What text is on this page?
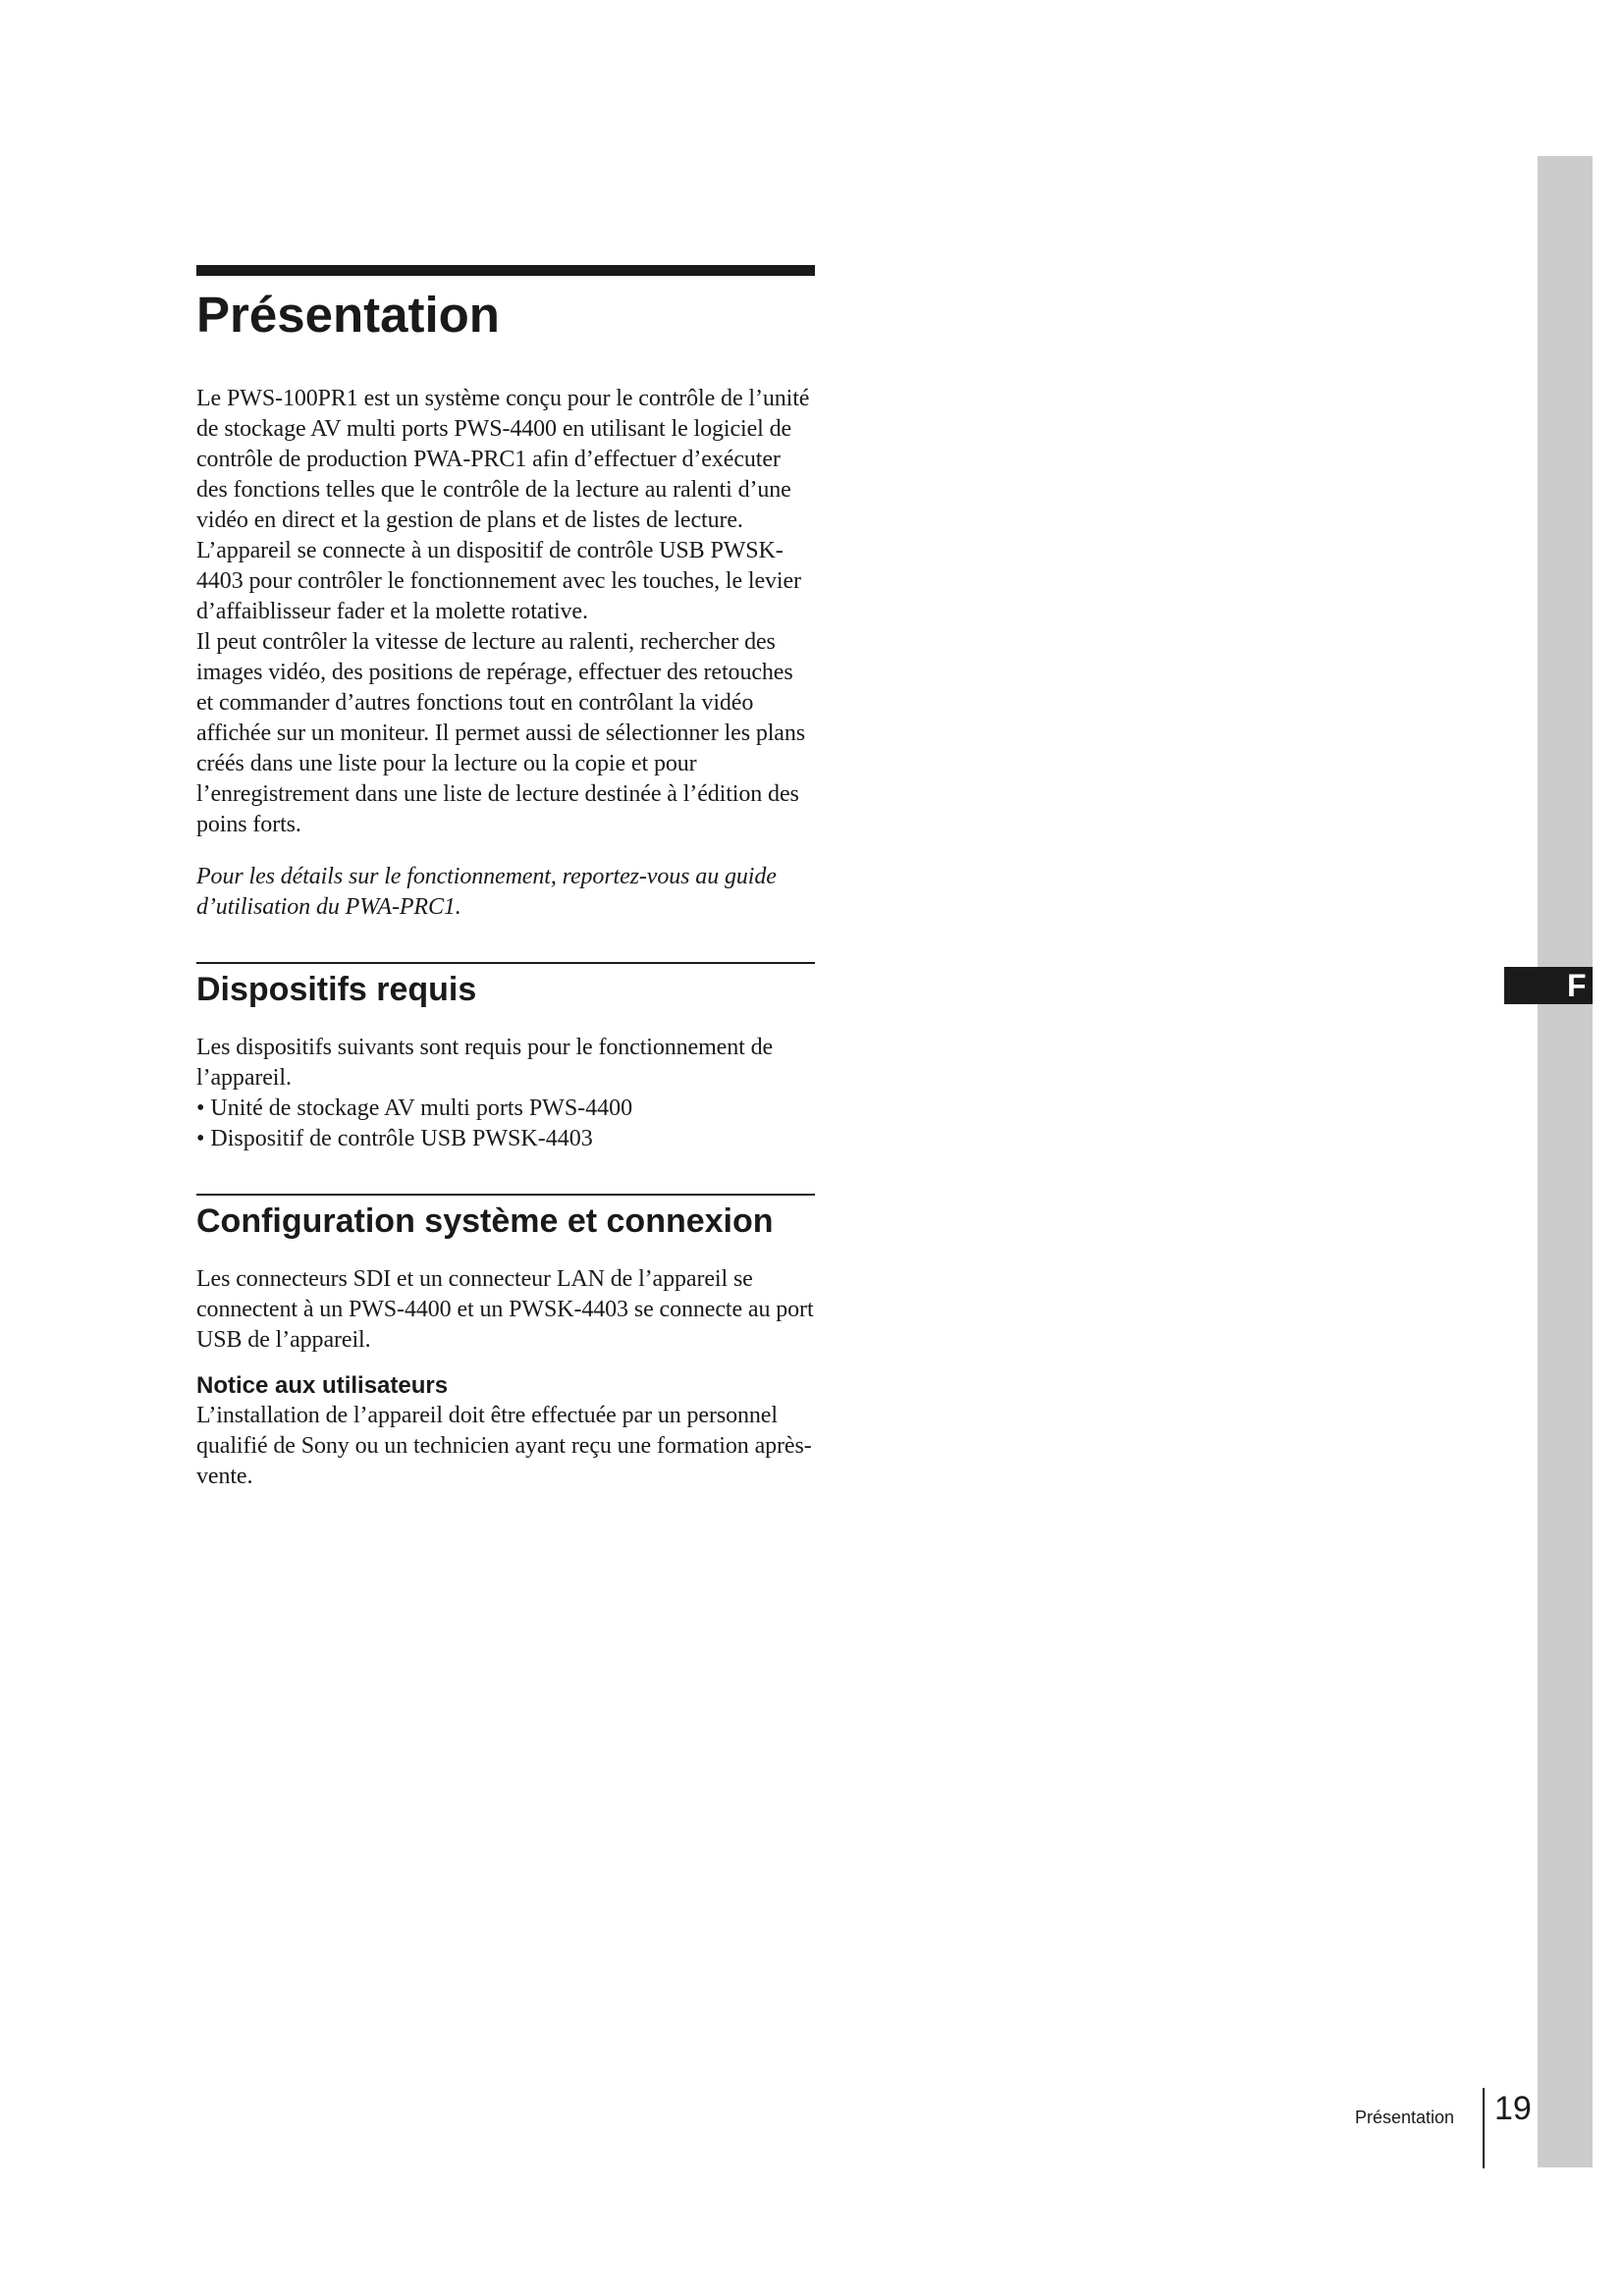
F
Présentation

Le PWS-100PR1 est un système conçu pour le contrôle de l’unité de stockage AV multi ports PWS-4400 en utilisant le logiciel de contrôle de production PWA-PRC1 afin d’effectuer d’exécuter des fonctions telles que le contrôle de la lecture au ralenti d’une vidéo en direct et la gestion de plans et de listes de lecture.

L’appareil se connecte à un dispositif de contrôle USB PWSK-4403 pour contrôler le fonctionnement avec les touches, le levier d’affaiblisseur fader et la molette rotative.

Il peut contrôler la vitesse de lecture au ralenti, rechercher des images vidéo, des positions de repérage, effectuer des retouches et commander d’autres fonctions tout en contrôlant la vidéo affichée sur un moniteur. Il permet aussi de sélectionner les plans créés dans une liste pour la lecture ou la copie et pour l’enregistrement dans une liste de lecture destinée à l’édition des poins forts.

Pour les détails sur le fonctionnement, reportez-vous au guide d’utilisation du PWA-PRC1.

Dispositifs requis

Les dispositifs suivants sont requis pour le fonctionnement de l’appareil.

• Unité de stockage AV multi ports PWS-4400
• Dispositif de contrôle USB PWSK-4403
Configuration système et connexion

Les connecteurs SDI et un connecteur LAN de l’appareil se connectent à un PWS-4400 et un PWSK-4403 se connecte au port USB de l’appareil.

Notice aux utilisateurs

L’installation de l’appareil doit être effectuée par un personnel qualifié de Sony ou un technicien ayant reçu une formation après-vente.

Présentation 19
